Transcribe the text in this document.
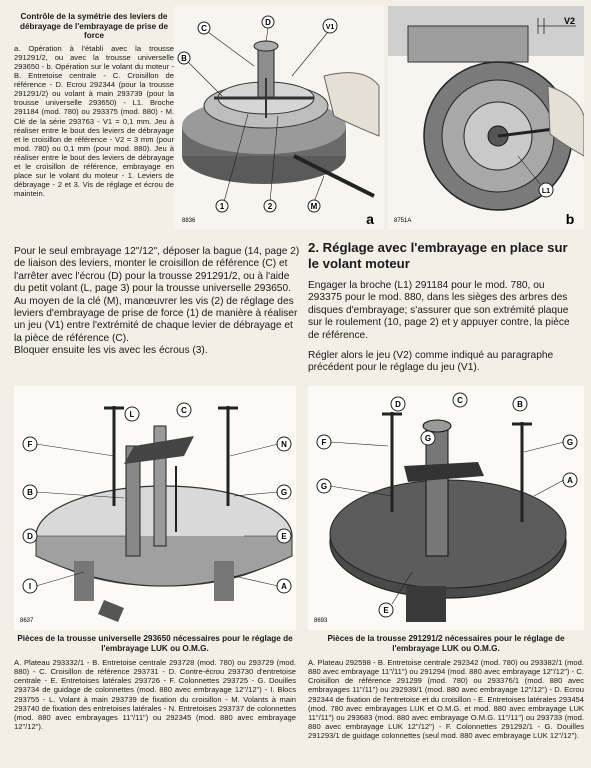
Contrôle de la symétrie des leviers de débrayage de l'embrayage de prise de force
a. Opération à l'établi avec la trousse 291291/2, ou avec la trousse universelle 293650 - b. Opération sur le volant du moteur - B. Entretoise centrale - C. Croisillon de référence - D. Ecrou 292344 (pour la trousse 291291/2) ou volant à main 293739 (pour la trousse universelle 293650) - L1. Broche 291184 (mod. 780) ou 293375 (mod. 880) - M. Clé de la série 293763 - V1 = 0,1 mm. Jeu à réaliser entre le bout des leviers de débrayage et le croisillon de référence - V2 = 3 mm (pour mod. 780) ou 0,1 mm (pour mod. 880). Jeu à réaliser entre le bout des leviers de débrayage et le croisillon de référence, embrayage en place sur le volant du moteur - 1. Leviers de débrayage - 2 et 3. Vis de réglage et écrou de maintein.
C
D
V1
B
1	2	M
8836	a
V2
L1
8751A	b
Pour le seul embrayage 12"/12", déposer la bague (14, page 2) de liaison des leviers, monter le croisillon de référence (C) et l'arrêter avec l'écrou (D) pour la trousse 291291/2, ou à l'aide du petit volant (L, page 3) pour la trousse universelle 293650.
Au moyen de la clé (M), manœuvrer les vis (2) de réglage des leviers d'embrayage de prise de force (1) de manière à réaliser un jeu (V1) entre l'extrémité de chaque levier de débrayage et la pièce de référence (C).
Bloquer ensuite les vis avec les écrous (3).
2. Réglage avec l'embrayage en place sur le volant moteur
Engager la broche (L1) 291184 pour le mod. 780, ou 293375 pour le mod. 880, dans les sièges des arbres des disques d'embrayage; s'assurer que son extrémité plaque sur le roulement (10, page 2) et y appuyer contre, la pièce de référence.
Régler alors le jeu (V2) comme indiqué au paragraphe précédent pour le réglage du jeu (V1).
L	C
F	N
B	G
D	E
I	A
8637
D	C	B
F	G	G
G
A
E
8693
Pièces de la trousse universelle 293650 nécessaires pour le réglage de l'embrayage LUK ou O.M.G.
A. Plateau 293332/1 - B. Entretoise centrale 293728 (mod. 780) ou 293729 (mod. 880) - C. Croisillon de référence 293731 - D. Contre-écrou 293730 d'entretoise centrale - E. Entretoises latérales 293726 - F. Colonnettes 293725 - G. Douilles 293734 de guidage de colonnettes (mod. 880 avec embrayage 12"/12") - I. Blocs 293755 - L. Volant à main 293739 de fixation du croisillon - M. Volants à main 293740 de fixation des entretoises latérales - N. Entretoises 293737 de colonnettes (mod. 880 avec embrayages 11"/11") ou 292345 (mod. 880 avec embrayage 12"/12").
Pièces de la trousse 291291/2 nécessaires pour le réglage de l'embrayage LUK ou O.M.G.
A. Plateau 292598 - B. Entretoise centrale 292342 (mod. 780) ou 293382/1 (mod. 880 avec embrayage 11"/11") ou 291294 (mod. 880 avec embrayage 12"/12") - C. Croisillon de référence 291299 (mod. 780) ou 293376/1 (mod. 880 avec embrayages 11"/11") ou 292939/1 (mod. 880 avec embrayage 12"/12") - D. Ecrou 292344 de fixation de l'entretoise et du croisillon - E. Entretoises latérales 293454 (mod. 780 avec embrayages LUK et O.M.G. et mod. 880 avec embrayage LUK 11"/11") ou 293683 (mod. 880 avec embrayage O.M.G. 11"/11") ou 293733 (mod. 880 avec embrayage LUK 12"/12") - F. Colonnettes 291292/1 - G. Douilles 291293/1 de guidage colonnettes (seul mod. 880 avec embrayage LUK 12"/12").
